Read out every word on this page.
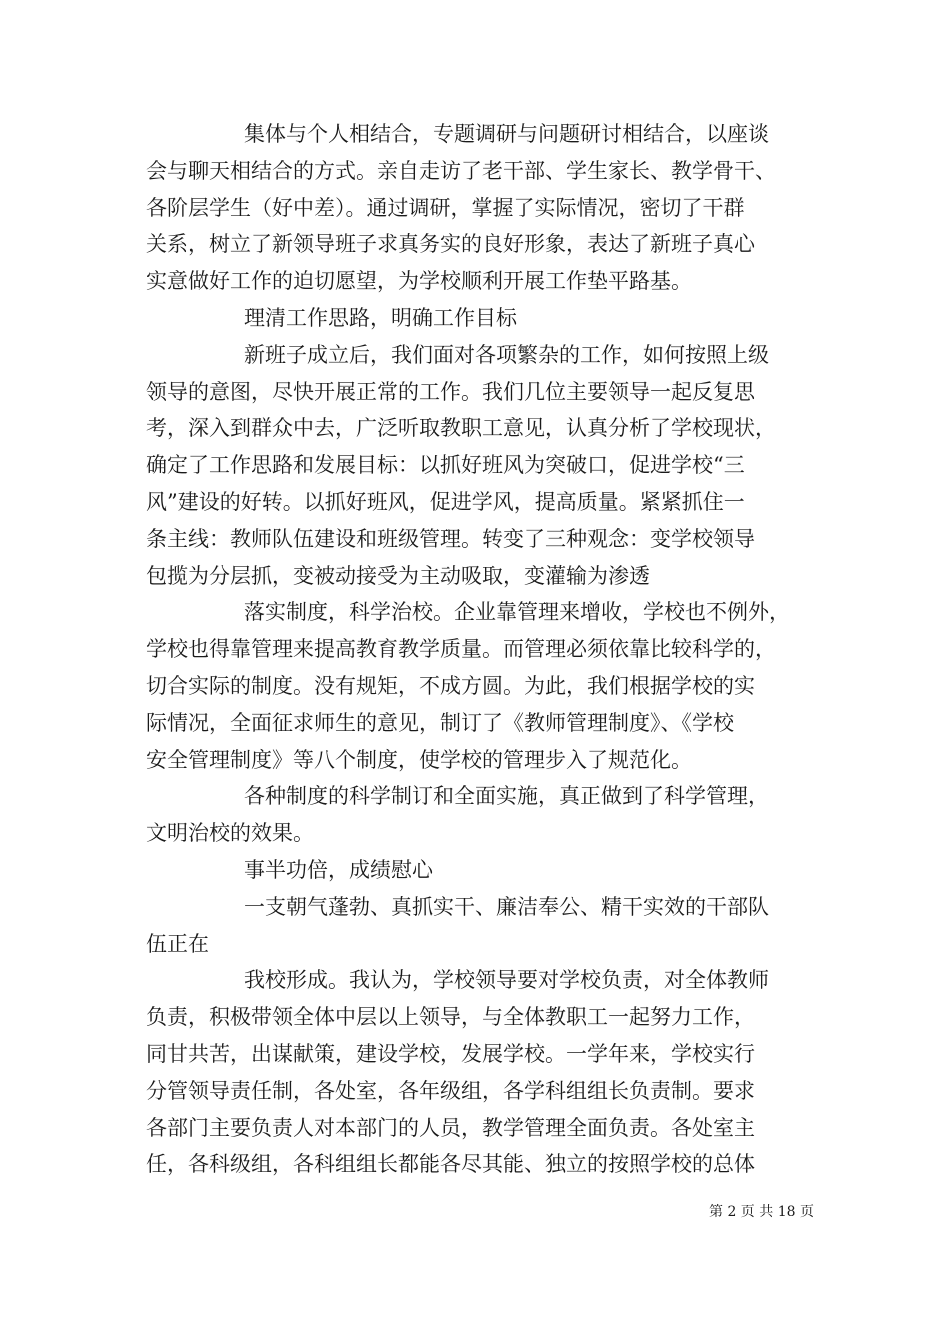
集体与个人相结合，专题调研与问题研讨相结合，以座谈
会与聊天相结合的方式。亲自走访了老干部、学生家长、教学骨干、
各阶层学生（好中差）。通过调研，掌握了实际情况，密切了干群
关系，树立了新领导班子求真务实的良好形象，表达了新班子真心
实意做好工作的迫切愿望，为学校顺利开展工作垫平路基。
理清工作思路，明确工作目标
新班子成立后，我们面对各项繁杂的工作，如何按照上级
领导的意图，尽快开展正常的工作。我们几位主要领导一起反复思
考，深入到群众中去，广泛听取教职工意见，认真分析了学校现状，
确定了工作思路和发展目标：以抓好班风为突破口，促进学校“三
风”建设的好转。以抓好班风，促进学风，提高质量。紧紧抓住一
条主线：教师队伍建设和班级管理。转变了三种观念：变学校领导
包揽为分层抓，变被动接受为主动吸取，变灌输为渗透
落实制度，科学治校。企业靠管理来增收，学校也不例外，
学校也得靠管理来提高教育教学质量。而管理必须依靠比较科学的，
切合实际的制度。没有规矩，不成方圆。为此，我们根据学校的实
际情况，全面征求师生的意见，制订了《教师管理制度》、《学校
安全管理制度》等八个制度，使学校的管理步入了规范化。
各种制度的科学制订和全面实施，真正做到了科学管理，
文明治校的效果。
事半功倍，成绩慰心
一支朝气蓬勃、真抓实干、廉洁奉公、精干实效的干部队
伍正在
我校形成。我认为，学校领导要对学校负责，对全体教师
负责，积极带领全体中层以上领导，与全体教职工一起努力工作，
同甘共苦，出谋献策，建设学校，发展学校。一学年来，学校实行
分管领导责任制，各处室，各年级组，各学科组组长负责制。要求
各部门主要负责人对本部门的人员，教学管理全面负责。各处室主
任，各科级组，各科组组长都能各尽其能、独立的按照学校的总体
第 2 页 共 18 页
